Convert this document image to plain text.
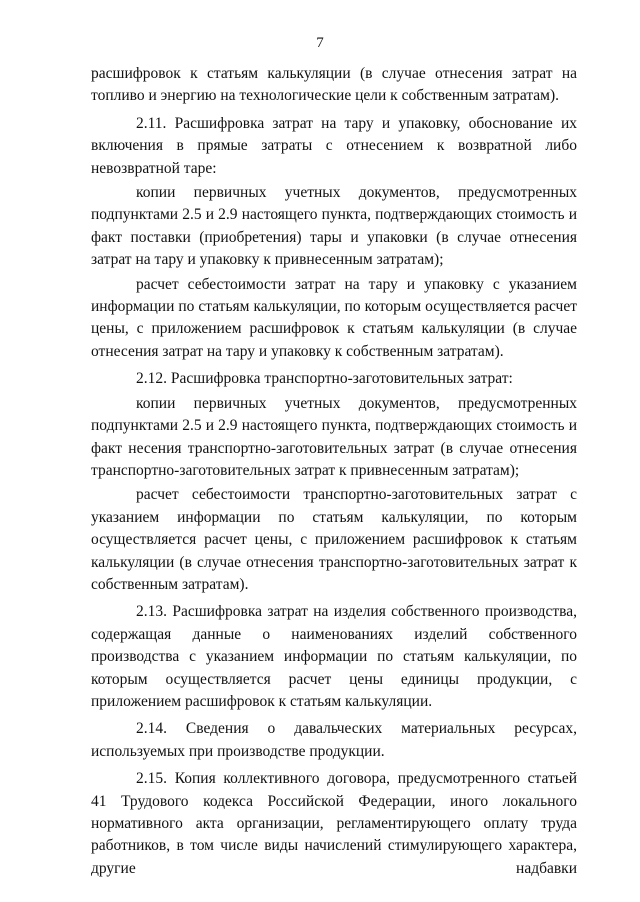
7

расшифровок к статьям калькуляции (в случае отнесения затрат на топливо и энергию на технологические цели к собственным затратам).

2.11. Расшифровка затрат на тару и упаковку, обоснование их включения в прямые затраты с отнесением к возвратной либо невозвратной таре:

копии первичных учетных документов, предусмотренных подпунктами 2.5 и 2.9 настоящего пункта, подтверждающих стоимость и факт поставки (приобретения) тары и упаковки (в случае отнесения затрат на тару и упаковку к привнесенным затратам);

расчет себестоимости затрат на тару и упаковку с указанием информации по статьям калькуляции, по которым осуществляется расчет цены, с приложением расшифровок к статьям калькуляции (в случае отнесения затрат на тару и упаковку к собственным затратам).

2.12. Расшифровка транспортно-заготовительных затрат:

копии первичных учетных документов, предусмотренных подпунктами 2.5 и 2.9 настоящего пункта, подтверждающих стоимость и факт несения транспортно-заготовительных затрат (в случае отнесения транспортно-заготовительных затрат к привнесенным затратам);

расчет себестоимости транспортно-заготовительных затрат с указанием информации по статьям калькуляции, по которым осуществляется расчет цены, с приложением расшифровок к статьям калькуляции (в случае отнесения транспортно-заготовительных затрат к собственным затратам).

2.13. Расшифровка затрат на изделия собственного производства, содержащая данные о наименованиях изделий собственного производства с указанием информации по статьям калькуляции, по которым осуществляется расчет цены единицы продукции, с приложением расшифровок к статьям калькуляции.

2.14. Сведения о давальческих материальных ресурсах, используемых при производстве продукции.

2.15. Копия коллективного договора, предусмотренного статьей 41 Трудового кодекса Российской Федерации, иного локального нормативного акта организации, регламентирующего оплату труда работников, в том числе виды начислений стимулирующего характера, другие надбавки
